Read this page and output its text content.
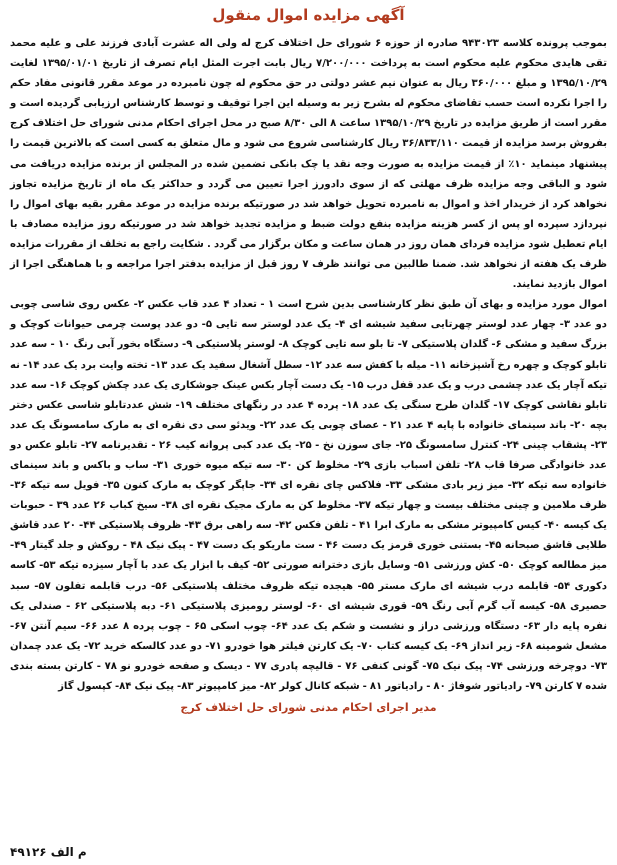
آگهی مزایده اموال منقول

بموجب پرونده کلاسه ۹۴۳۰۲۳ صادره از حوزه ۶ شورای حل اختلاف کرج له ولی اله عشرت آبادی فرزند علی و علیه محمد تقی هایدی محکوم علیه محکوم است به پرداخت ۷/۲۰۰/۰۰۰ ریال بابت اجرت المثل ایام تصرف از تاریخ ۱۳۹۵/۰۱/۰۱ لغایت ۱۳۹۵/۱۰/۲۹ و مبلغ ۳۶۰/۰۰۰ ریال به عنوان نیم عشر دولتی در حق محکوم له چون نامبرده در موعد مقرر قانونی مفاد حکم را اجرا نکرده است حسب تقاضای محکوم له بشرح زیر به وسیله این اجرا توقیف و توسط کارشناس ارزیابی گردیده است و مقرر است از طریق مزایده در تاریخ ۱۳۹۵/۱۰/۲۹ ساعت ۸ الی ۸/۳۰ صبح در محل اجرای احکام مدنی شورای حل اختلاف کرج بفروش برسد مزایده از قیمت ۳۶/۸۳۳/۱۱۰ ریال کارشناسی شروع می شود و مال متعلق به کسی است که بالاترین قیمت را پیشنهاد مینماید ۱۰٪ از قیمت مزایده به صورت وجه نقد یا چک بانکی تضمین شده در المجلس از برنده مزایده دریافت می شود و الباقی وجه مزایده ظرف مهلتی که از سوی دادورز اجرا تعیین می گردد و حداکثر یک ماه از تاریخ مزایده تجاوز نخواهد کرد از خریدار اخذ و اموال به نامبرده تحویل خواهد شد در صورتیکه برنده مزایده در موعد مقرر بقیه بهای اموال را نپردازد سپرده او پس از کسر هزینه مزایده بنفع دولت ضبط و مزایده تجدید خواهد شد در صورتیکه روز مزایده مصادف با ایام تعطیل شود مزایده فردای همان روز در همان ساعت و مکان برگزار می گردد . شکایت راجع به تخلف از مقررات مزایده ظرف یک هفته از نخواهد شد. ضمنا طالبین می توانند ظرف ۷ روز قبل از مزایده بدفتر اجرا مراجعه و با هماهنگی اجرا از اموال بازدید نمایند.

اموال مورد مزایده و بهای آن طبق نظر کارشناسی بدین شرح است ۱ - تعداد ۴ عدد قاب عکس ۲- عکس روی شاسی چوبی دو عدد ۳- چهار عدد لوستر چهرتایی سفید شیشه ای ۴- یک عدد لوستر سه تایی ۵- دو عدد پوست چرمی حیوانات کوچک و بزرگ سفید و مشکی ۶- گلدان پلاستیکی ۷- تا بلو سه تایی کوچک ۸- لوستر پلاستیکی ۹- دستگاه بخور آبی رنگ ۱۰ - سه عدد تابلو کوچک و چهره رخ آشپزخانه ۱۱- میله با کفش سه عدد ۱۲- سطل آشغال سفید یک عدد ۱۳- تخته وایت برد یک عدد ۱۴- نه تیکه آچار یک عدد چشمی درب و یک عدد قفل درب ۱۵- یک دست آچار بکس عینک جوشکاری یک عدد چکش کوچک ۱۶- سه عدد تابلو نقاشی کوچک ۱۷- گلدان طرح سنگی یک عدد ۱۸- پرده ۴ عدد در رنگهای مختلف ۱۹- شش عددتابلو شاسی عکس دختر بچه ۲۰- باند سینمای خانواده با پایه ۴ عدد ۲۱ - عصای چوبی یک عدد ۲۲- ویدئو سی دی نقره ای به مارک سامسونگ یک عدد ۲۳- پشقاب چینی ۲۴- کنترل سامسونگ ۲۵- جای سوزن نخ - ۲۵- یک عدد کبی پروانه کیب ۲۶ - تقدیرنامه ۲۷- تابلو عکس دو عدد خانوادگی صرفا قاب ۲۸- تلفن اسباب بازی ۲۹- مخلوط کن ۳۰- سه تیکه میوه خوری ۳۱- ساب و باکس و باند سینمای خانواده سه تیکه ۳۲- میز زیر بادی مشکی ۳۳- فلاکس چای نقره ای ۳۴- جاپگر کوچک به مارک کنون ۳۵- فویل سه تیکه ۳۶- ظرف ملامین و چینی مختلف بیست و چهار تیکه ۳۷- مخلوط کن به مارک مجیک نقره ای ۳۸- سیخ کباب ۲۶ عدد ۳۹ - حبوبات یک کیسه ۴۰- کیس کامپیوتر مشکی به مارک ابرا ۴۱ - تلفن فکس ۴۲- سه راهی برق ۴۳- ظروف پلاستیکی ۴۴- ۲۰ عدد قاشق طلایی قاشق صبحانه ۴۵- بستنی خوری قرمز یک دست ۴۶ - ست ماریکو یک دست ۴۷ - پیک نیک ۴۸ - روکش و جلد گیتار ۴۹- میز مطالعه کوچک ۵۰- کش ورزشی ۵۱- وسایل بازی دخترانه صورتی ۵۲- کیف با ابزار یک عدد با آچار سیزده تیکه ۵۳- کاسه دکوری ۵۴- قابلمه درب شیشه ای مارک مستر ۵۵- هیجده تیکه ظروف مختلف پلاستیکی ۵۶- درب قابلمه تفلون ۵۷- سبد حصیری ۵۸- کیسه آب گرم آبی رنگ ۵۹- قوری شیشه ای ۶۰- لوستر رومیزی پلاستیکی ۶۱- دبه پلاستیکی ۶۲ - صندلی یک نفره پایه دار ۶۳- دستگاه ورزشی دراز و نشست و شکم یک عدد ۶۴- چوب اسکی ۶۵ - چوب پرده ۸ عدد ۶۶- سیم آنتن ۶۷- مشعل شومینه ۶۸- زیر انداز ۶۹- یک کیسه کتاب ۷۰- یک کارتن فیلتر هوا خودرو ۷۱- دو عدد کالسکه خرید ۷۲- یک عدد چمدان ۷۳- دوچرخه ورزشی ۷۴- پیک نیک ۷۵- گونی کنفی ۷۶ - قالیچه پادری ۷۷ - دیسک و صفحه خودرو نو ۷۸ - کارتن بسته بندی شده ۷ کارتن ۷۹- رادیاتور شوفاژ ۸۰ - رادیاتور ۸۱ - شبکه کانال کولر ۸۲- میز کامپیوتر ۸۳- پیک نیک ۸۴- کپسول گاز

مدیر اجرای احکام مدنی شورای حل اختلاف کرج
م الف ۴۹۱۲۶
